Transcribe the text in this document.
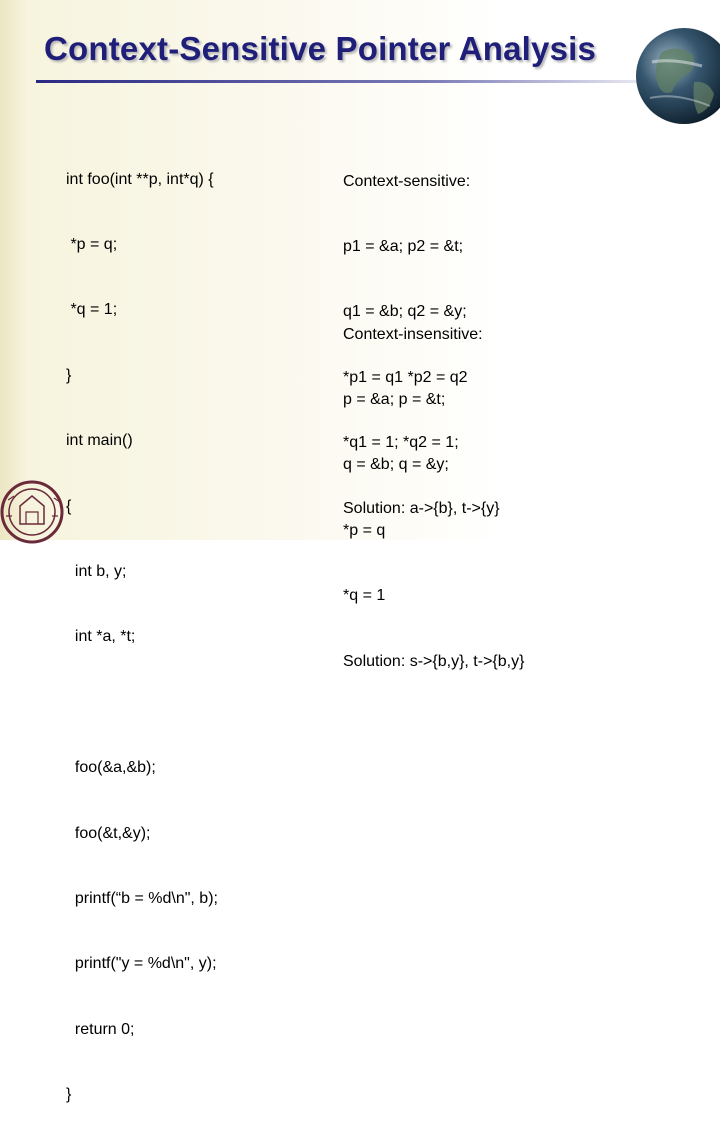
Context-Sensitive Pointer Analysis

int foo(int **p, int*q) {

*p = q;

*q = 1;

}

int main()

{

int b, y;

int *a, *t;

foo(&a,&b);

foo(&t,&y);

printf(“b = %d\n", b);

printf("y = %d\n", y);

return 0;

}

Context-sensitive:

p1 = &a; p2 = &t;

q1 = &b; q2 = &y;

*p1 = q1 *p2 = q2

*q1 = 1; *q2 = 1;

Solution: a->{b}, t->{y}

Context-insensitive:

p = &a; p = &t;

q = &b; q = &y;

*p = q

*q = 1

Solution: s->{b,y}, t->{b,y}
